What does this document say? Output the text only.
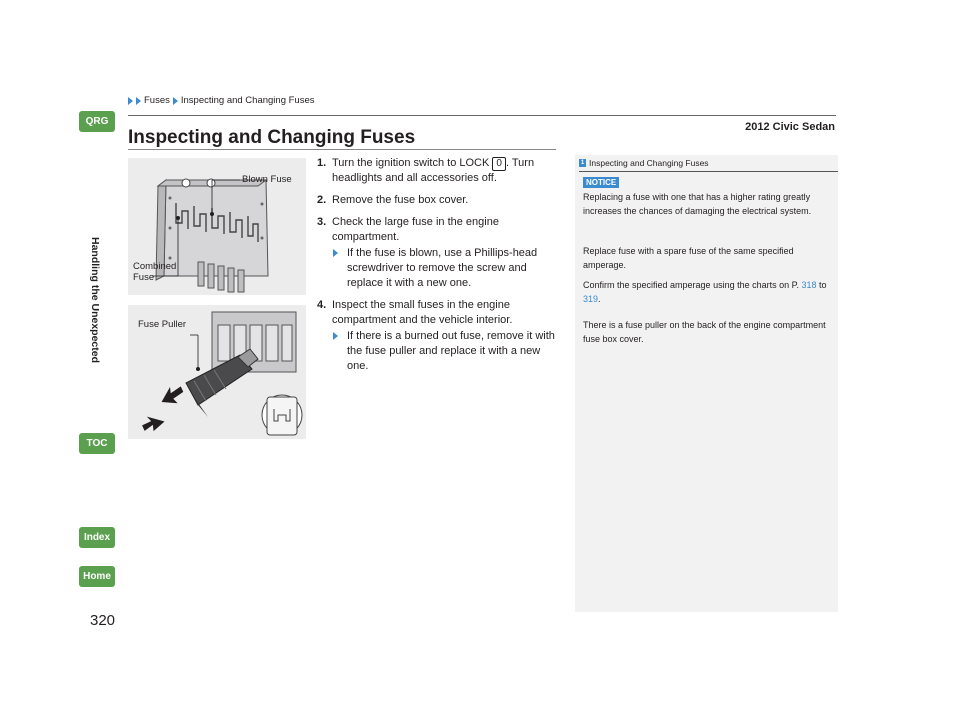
Fuses Inspecting and Changing Fuses
2012 Civic Sedan
QRG
Handling the Unexpected
TOC
Index
Home
320
Inspecting and Changing Fuses
Blown Fuse
Combined
Fuse
Fuse Puller
1. Turn the ignition switch to LOCK 0 . Turn headlights and all accessories off.
2. Remove the fuse box cover.
3. Check the large fuse in the engine compartment.
If the fuse is blown, use a Phillips-head screwdriver to remove the screw and replace it with a new one.
4. Inspect the small fuses in the engine compartment and the vehicle interior.
If there is a burned out fuse, remove it with the fuse puller and replace it with a new one.
1 Inspecting and Changing Fuses
NOTICE

Replacing a fuse with one that has a higher rating greatly increases the chances of damaging the electrical system.

Replace fuse with a spare fuse of the same specified amperage.

Confirm the specified amperage using the charts on P. 318 to 319.

There is a fuse puller on the back of the engine compartment fuse box cover.
